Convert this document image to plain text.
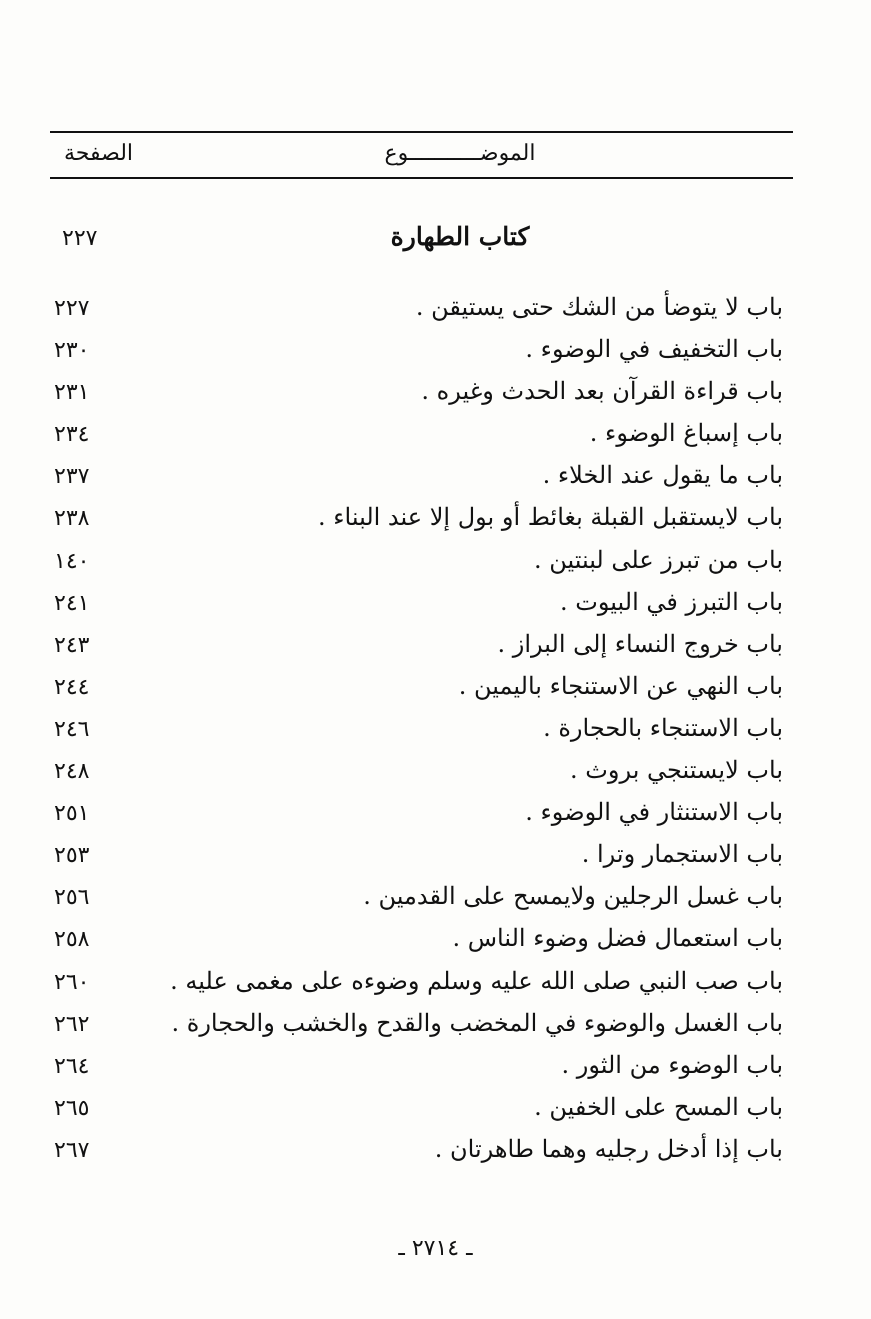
الموضـــــــــــوع
الصفحة
كتاب الطهارة
٢٢٧
باب لا يتوضأ من الشك حتى يستيقن .
٢٢٧
باب التخفيف في الوضوء .
٢٣٠
باب قراءة القرآن بعد الحدث وغيره .
٢٣١
باب إسباغ الوضوء .
٢٣٤
باب ما يقول عند الخلاء .
٢٣٧
باب لايستقبل القبلة بغائط أو بول إلا عند البناء .
٢٣٨
باب من تبرز على لبنتين .
١٤٠
باب التبرز في البيوت .
٢٤١
باب خروج النساء إلى البراز .
٢٤٣
باب النهي عن الاستنجاء باليمين .
٢٤٤
باب الاستنجاء بالحجارة .
٢٤٦
باب لايستنجي بروث .
٢٤٨
باب الاستنثار في الوضوء .
٢٥١
باب الاستجمار وترا .
٢٥٣
باب غسل الرجلين ولايمسح على القدمين .
٢٥٦
باب استعمال فضل وضوء الناس .
٢٥٨
باب صب النبي صلى الله عليه وسلم وضوءه على مغمى عليه .
٢٦٠
باب الغسل والوضوء في المخضب والقدح والخشب والحجارة .
٢٦٢
باب الوضوء من الثور .
٢٦٤
باب المسح على الخفين .
٢٦٥
باب إذا أدخل رجليه وهما طاهرتان .
٢٦٧
ـ ٢٧١٤ ـ
